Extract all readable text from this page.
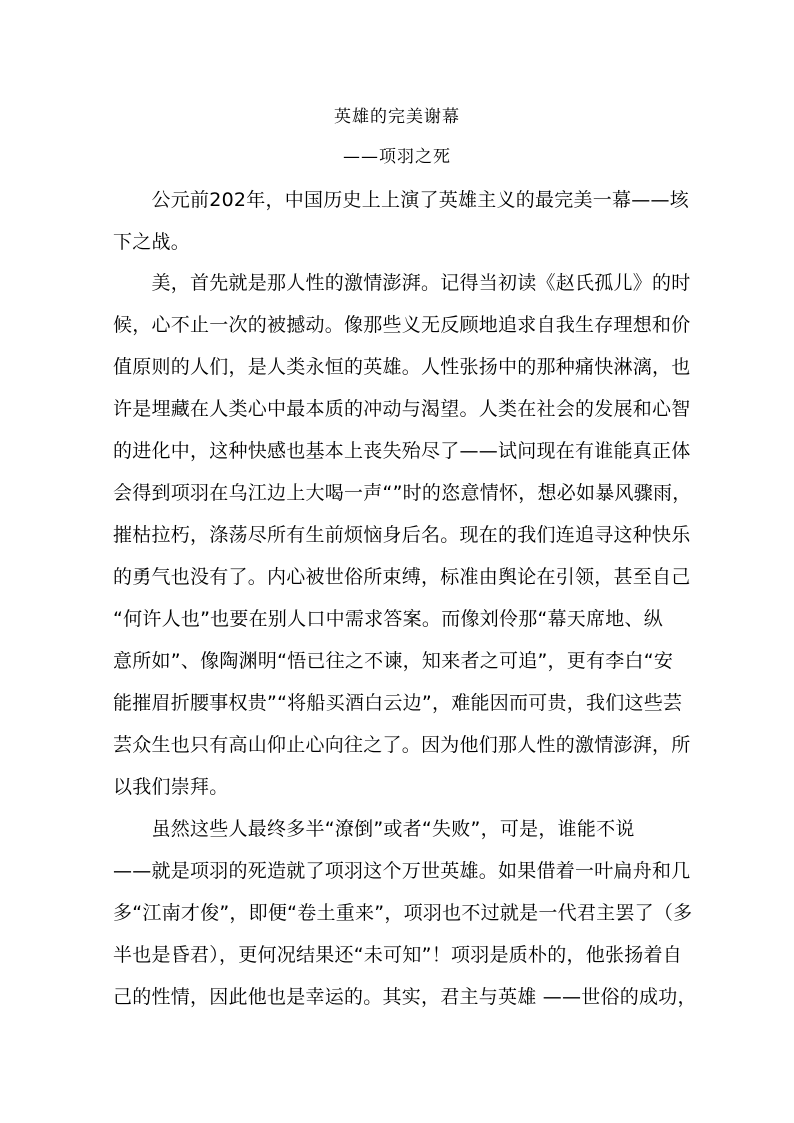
英雄的完美谢幕
——项羽之死
　　公元前202年，中国历史上上演了英雄主义的最完美一幕——垓
下之战。
　　美，首先就是那人性的激情澎湃。记得当初读《赵氏孤儿》的时
候，心不止一次的被撼动。像那些义无反顾地追求自我生存理想和价
值原则的人们，是人类永恒的英雄。人性张扬中的那种痛快淋漓，也
许是埋藏在人类心中最本质的冲动与渴望。人类在社会的发展和心智
的进化中，这种快感也基本上丧失殆尽了——试问现在有谁能真正体
会得到项羽在乌江边上大喝一声“”时的恣意情怀，想必如暴风骤雨，
摧枯拉朽，涤荡尽所有生前烦恼身后名。现在的我们连追寻这种快乐
的勇气也没有了。内心被世俗所束缚，标准由舆论在引领，甚至自己
“何许人也”也要在别人口中需求答案。而像刘伶那“幕天席地、纵
意所如”、像陶渊明“悟已往之不谏，知来者之可追”，更有李白“安
能摧眉折腰事权贵”“将船买酒白云边”，难能因而可贵，我们这些芸
芸众生也只有高山仰止心向往之了。因为他们那人性的激情澎湃，所
以我们崇拜。
　　虽然这些人最终多半“潦倒”或者“失败”，可是，谁能不说
——就是项羽的死造就了项羽这个万世英雄。如果借着一叶扁舟和几
多“江南才俊”，即便“卷土重来”，项羽也不过就是一代君主罢了（多
半也是昏君），更何况结果还“未可知”！项羽是质朴的，他张扬着自
己的性情，因此他也是幸运的。其实，君主与英雄 ——世俗的成功，
